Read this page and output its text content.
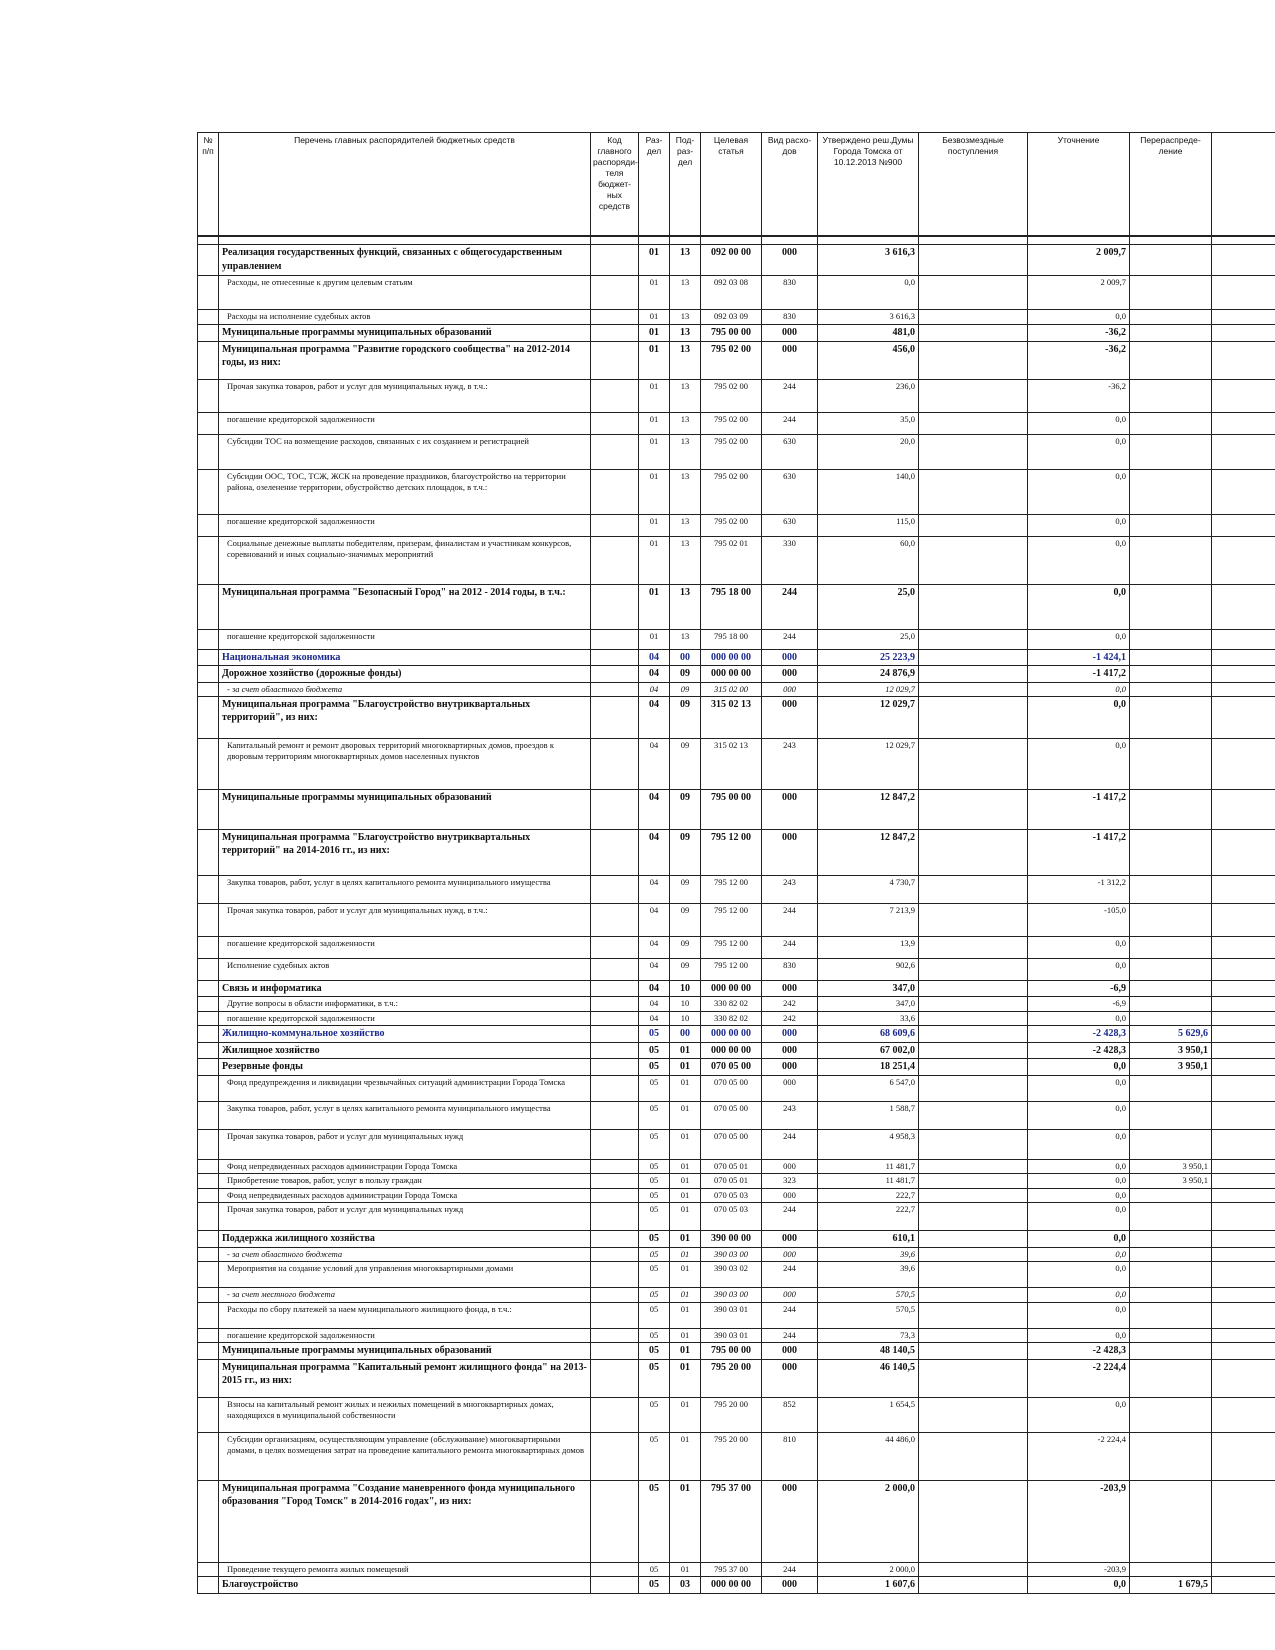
№ п/п	Перечень главных распорядителей бюджетных средств	Код главного распоряди-теля бюджет-ных средств	Раз-дел	Под-раз-дел	Целевая статья	Вид расхо-дов	Утверждено реш.Думы Города Томска от 10.12.2013 №900	Безвозмездные поступления	Уточнение	Перераспреде-ление	

	Реализация государственных функций, связанных с общегосударственным управлением		01	13	092 00 00	000	3 616,3		2 009,7		
	Расходы, не отнесенные к другим целевым статьям		01	13	092 03 08	830	0,0		2 009,7		
	Расходы на исполнение судебных актов		01	13	092 03 09	830	3 616,3		0,0		
	Муниципальные программы муниципальных образований		01	13	795 00 00	000	481,0		-36,2		
	Муниципальная программа "Развитие городского сообщества" на 2012-2014 годы, из них:		01	13	795 02 00	000	456,0		-36,2		
	Прочая закупка товаров, работ и услуг для муниципальных нужд, в т.ч.:		01	13	795 02 00	244	236,0		-36,2		
	погашение кредиторской задолженности		01	13	795 02 00	244	35,0		0,0		
	Субсидии ТОС на возмещение расходов, связанных с их созданием и регистрацией		01	13	795 02 00	630	20,0		0,0		
	Субсидии ООС, ТОС, ТСЖ, ЖСК на проведение праздников, благоустройство на территории района, озеленение территории, обустройство детских площадок, в т.ч.:		01	13	795 02 00	630	140,0		0,0		
	погашение кредиторской задолженности		01	13	795 02 00	630	115,0		0,0		
	Социальные денежные выплаты победителям, призерам, финалистам и участникам конкурсов, соревнований и иных социально-значимых мероприятий		01	13	795 02 01	330	60,0		0,0		
	Муниципальная программа "Безопасный Город" на 2012 - 2014 годы, в т.ч.:		01	13	795 18 00	244	25,0		0,0		
	погашение кредиторской задолженности		01	13	795 18 00	244	25,0		0,0		
	Национальная экономика		04	00	000 00 00	000	25 223,9		-1 424,1		
	Дорожное хозяйство (дорожные фонды)		04	09	000 00 00	000	24 876,9		-1 417,2		
	- за счет областного бюджета		04	09	315 02 00	000	12 029,7		0,0		
	Муниципальная программа "Благоустройство внутриквартальных территорий", из них:		04	09	315 02 13	000	12 029,7		0,0		
	Капитальный ремонт и ремонт дворовых территорий многоквартирных домов, проездов к дворовым территориям многоквартирных домов населенных пунктов		04	09	315 02 13	243	12 029,7		0,0		
	Муниципальные программы муниципальных образований		04	09	795 00 00	000	12 847,2		-1 417,2		
	Муниципальная программа "Благоустройство внутриквартальных территорий" на 2014-2016 гг., из них:		04	09	795 12 00	000	12 847,2		-1 417,2		
	Закупка товаров, работ, услуг в целях капитального ремонта муниципального имущества		04	09	795 12 00	243	4 730,7		-1 312,2		
	Прочая закупка товаров, работ и услуг для муниципальных нужд, в т.ч.:		04	09	795 12 00	244	7 213,9		-105,0		
	погашение кредиторской задолженности		04	09	795 12 00	244	13,9		0,0		
	Исполнение судебных актов		04	09	795 12 00	830	902,6		0,0		
	Связь и информатика		04	10	000 00 00	000	347,0		-6,9		
	Другие вопросы в области информатики, в т.ч.:		04	10	330 82 02	242	347,0		-6,9		
	погашение кредиторской задолженности		04	10	330 82 02	242	33,6		0,0		
	Жилищно-коммунальное хозяйство		05	00	000 00 00	000	68 609,6		-2 428,3	5 629,6	
	Жилищное хозяйство		05	01	000 00 00	000	67 002,0		-2 428,3	3 950,1	
	Резервные фонды		05	01	070 05 00	000	18 251,4		0,0	3 950,1	
	Фонд предупреждения и ликвидации чрезвычайных ситуаций администрации Города Томска		05	01	070 05 00	000	6 547,0		0,0		
	Закупка товаров, работ, услуг в целях капитального ремонта муниципального имущества		05	01	070 05 00	243	1 588,7		0,0		
	Прочая закупка товаров, работ и услуг для муниципальных нужд		05	01	070 05 00	244	4 958,3		0,0		
	Фонд непредвиденных расходов администрации Города Томска		05	01	070 05 01	000	11 481,7		0,0	3 950,1	
	Приобретение товаров, работ, услуг в пользу граждан		05	01	070 05 01	323	11 481,7		0,0	3 950,1	
	Фонд непредвиденных расходов администрации Города Томска		05	01	070 05 03	000	222,7		0,0		
	Прочая закупка товаров, работ и услуг для муниципальных нужд		05	01	070 05 03	244	222,7		0,0		
	Поддержка жилищного хозяйства		05	01	390 00 00	000	610,1		0,0		
	- за счет областного бюджета		05	01	390 03 00	000	39,6		0,0		
	Мероприятия на создание условий для управления многоквартирными домами		05	01	390 03 02	244	39,6		0,0		
	- за счет местного бюджета		05	01	390 03 00	000	570,5		0,0		
	Расходы по сбору платежей за наем муниципального жилищного фонда, в т.ч.:		05	01	390 03 01	244	570,5		0,0		
	погашение кредиторской задолженности		05	01	390 03 01	244	73,3		0,0		
	Муниципальные программы муниципальных образований		05	01	795 00 00	000	48 140,5		-2 428,3		
	Муниципальная программа "Капитальный ремонт жилищного фонда" на 2013-2015 гг., из них:		05	01	795 20 00	000	46 140,5		-2 224,4		
	Взносы на капитальный ремонт жилых и нежилых помещений в многоквартирных домах, находящихся в муниципальной собственности		05	01	795 20 00	852	1 654,5		0,0		
	Субсидии организациям, осуществляющим управление (обслуживание) многоквартирными домами, в целях возмещения затрат на проведение капитального ремонта многоквартирных домов		05	01	795 20 00	810	44 486,0		-2 224,4		
	Муниципальная программа "Создание маневренного фонда муниципального образования "Город Томск" в 2014-2016 годах", из них:		05	01	795 37 00	000	2 000,0		-203,9		
	Проведение текущего ремонта жилых помещений		05	01	795 37 00	244	2 000,0		-203,9		
	Благоустройство		05	03	000 00 00	000	1 607,6		0,0	1 679,5	
